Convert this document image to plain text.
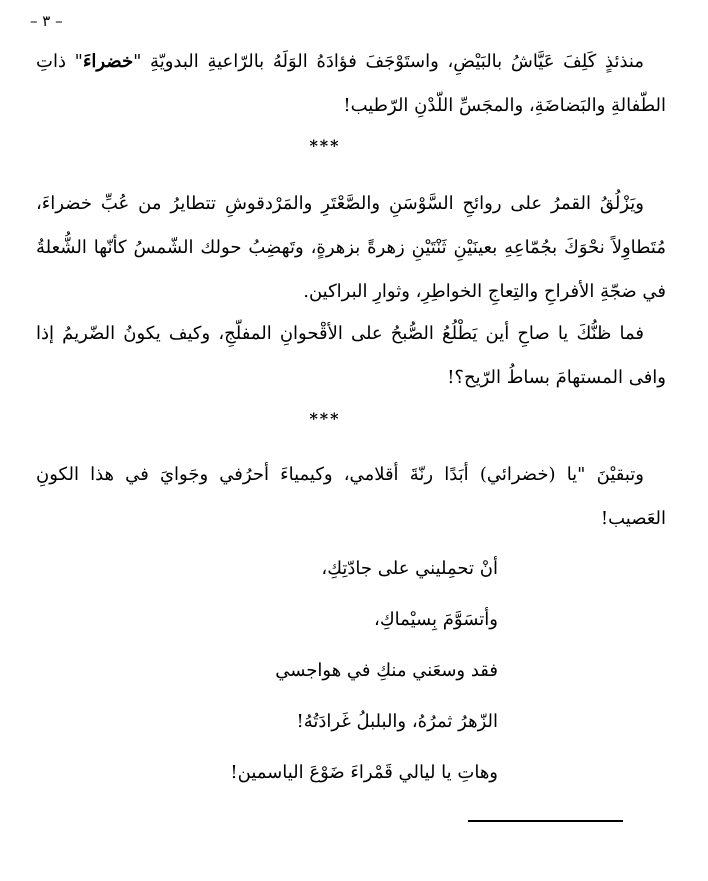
– ٣ –
منذئذٍ كَلِفَ عَيَّاشُ بالبَيْضِ، واستَوْجَفَ فؤادَهُ الوَلَهُ بالرّاعيةِ البدويّةِ "خضراءَ" ذاتِ الطّفالةِ والبَضاضَةِ، والمجَسِّ اللّدْنِ الرّطيب!
***
ويَزْلُقُ القمرُ على روائحِ السَّوْسَنِ والصَّعْتَرِ والمَرْدقوشِ تتطايرُ من عُبِّ خضراءَ، مُتَطاوِلاً نحْوَكَ بجُمّاعِهِ بعينَيْنِ ثَنْتَيْنِ زهرةً بزهرةٍ، وتَهضِبُ حولك الشّمسُ كأنّها الشُّعلةُ في ضجّةِ الأفراحِ والتِعاجِ الخواطِرِ، وثوارِ البراكين.
فما ظنُّكَ يا صاحِ أين يَطْلُعُ الصُّبحُ على الأقْحوانِ المفلّجِ، وكيف يكونُ الضّريمُ إذا وافى المستهامَ بساطُ الرّيح؟!
***
وتبقيْنَ "يا (خضرائي) أبَدًا رنّةَ أقلامي، وكيمياءَ أحرُفي وجَوايَ في هذا الكونِ العَصيب!
أنْ تحمِليني على جادّتِكِ،
وأتسَوَّمَ بِسيْماكِ،
فقد وسعَني منكِ في هواجسي
الزّهرُ ثمرُهُ، والبلبلُ غَرادَتُهُ!
وهاتِ يا ليالي قَمْراءَ ضَوْعَ الياسمين!
